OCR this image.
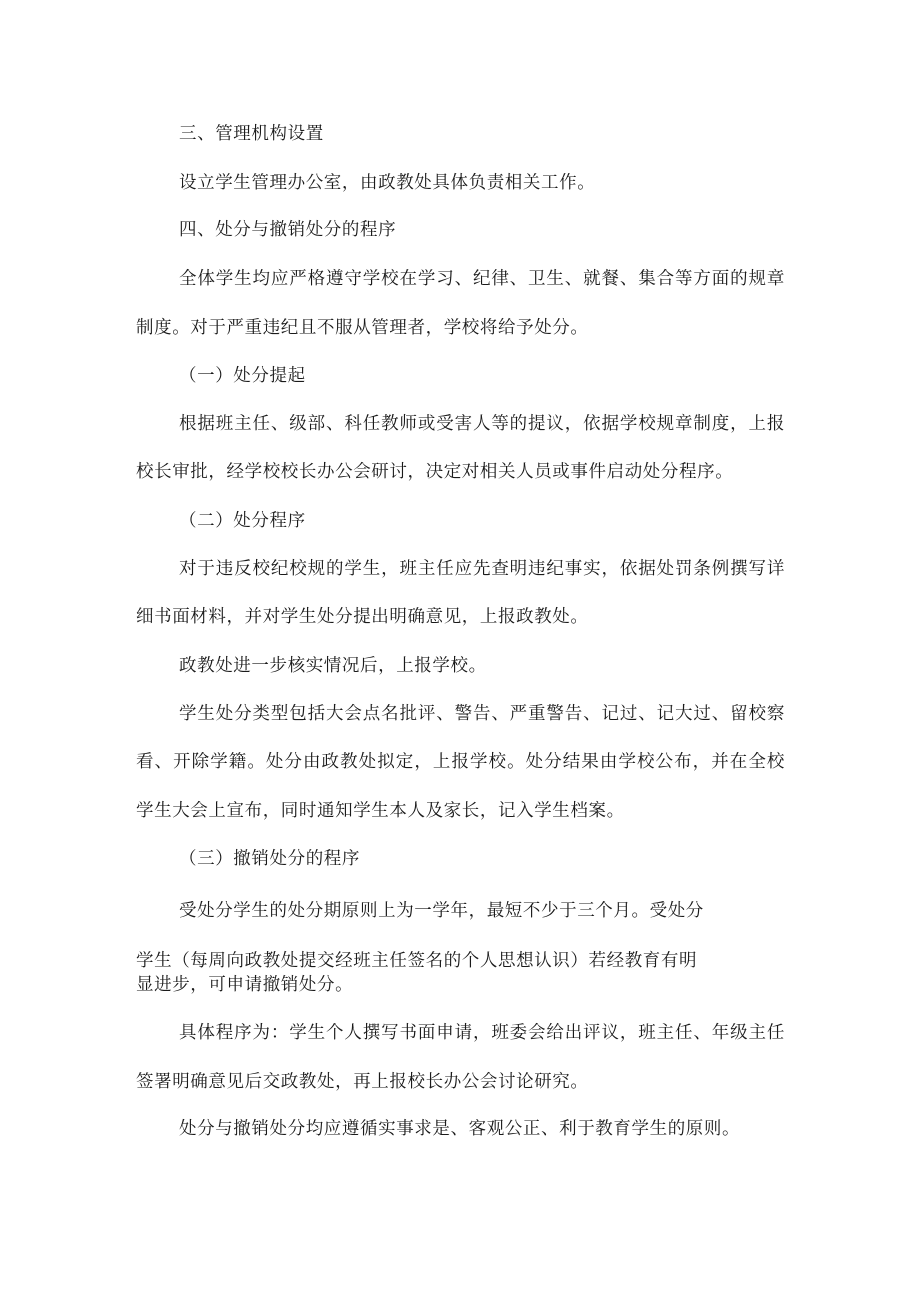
三、管理机构设置
设立学生管理办公室，由政教处具体负责相关工作。
四、处分与撤销处分的程序
全体学生均应严格遵守学校在学习、纪律、卫生、就餐、集合等方面的规章
制度。对于严重违纪且不服从管理者，学校将给予处分。
（一）处分提起
根据班主任、级部、科任教师或受害人等的提议，依据学校规章制度，上报
校长审批，经学校校长办公会研讨，决定对相关人员或事件启动处分程序。
（二）处分程序
对于违反校纪校规的学生，班主任应先查明违纪事实，依据处罚条例撰写详
细书面材料，并对学生处分提出明确意见，上报政教处。
政教处进一步核实情况后，上报学校。
学生处分类型包括大会点名批评、警告、严重警告、记过、记大过、留校察
看、开除学籍。处分由政教处拟定，上报学校。处分结果由学校公布，并在全校
学生大会上宣布，同时通知学生本人及家长，记入学生档案。
（三）撤销处分的程序
受处分学生的处分期原则上为一学年，最短不少于三个月。受处分
学生（每周向政教处提交经班主任签名的个人思想认识）若经教育有明
显进步，可申请撤销处分。
具体程序为：学生个人撰写书面申请，班委会给出评议，班主任、年级主任
签署明确意见后交政教处，再上报校长办公会讨论研究。
处分与撤销处分均应遵循实事求是、客观公正、利于教育学生的原则。
